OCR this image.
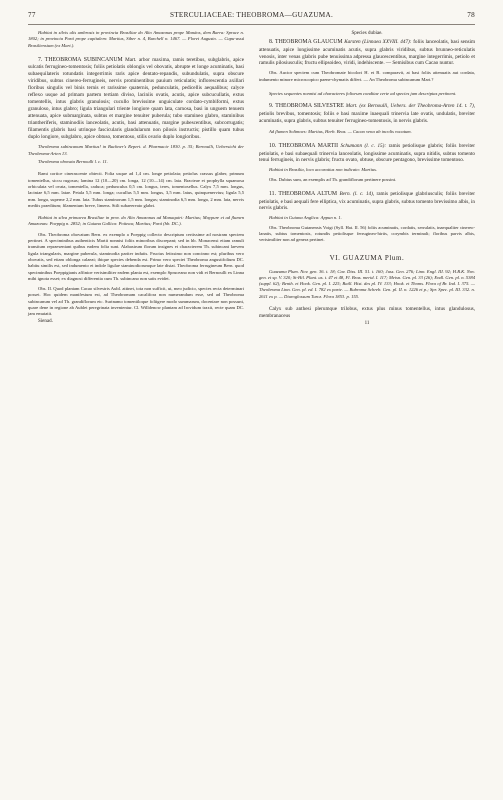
77	STERCULIACEAE: THEOBROMA—GUAZUMA.	78

Habitat in silvis ulis umbrosis in provincia Brasiliae do Alto Amazonas prope Manáos, dem Barra: Spruce n. 1802; in provincia Pará prope capitalem: Martius, Siber n. 4, Burchell n. 1467. — Floret Augusto. — Cupu-assú Brasiliensium (ex Mart.).

7. THEOBROMA SUBINCANUM Mart. arbor maxima, ramis teretibus, subglabris, apice sulcatis ferrugineo-tomentosis; foliis petiolatis oblongis vel obovatis, abrupte et longe acuminatis, basi subaequilateris rotundatis integerrimis raris apice dentato-repandis, subundulatis, supra obscure viridibus, subtus cinereo-ferrugineis, nervis prominentibus pauium reticulatis; inflorescentia axillari floribus singulis vel binis ternis et rarissime quaternis, pedunculatis, pedicellis aequalibus; calyce reflexo usque ad primam partem tertiam diviso, laciniis ovatis, acutis, apice subcucullatis, extus tomentellis, intus glabris granulosis; cucullo brevissime unguiculate cordato-cymbiformi, extus granuloso, intus glabro; ligula triangulari triente longiore quam lata, carnosa, basi in unguem tenuem attenuata, apice submarginata, subtus et margine tenuiter puberula; tubo stamineo glabro, staminibus triantheriferis, staminodiis lanceolatis, acutis, basi attenuatis, margine pubescentibus, subcorrugatis; filamentis glabris basi utrinque fascicularis glandularum non pilosis instructis; pistillo quam tubus duplo longiore, subglabro, apice obtuso, tomentoso, stilis ovario duplo longioribus.

Theobroma subincanum Martius! in Buchner's Repert. d. Pharmacie 1830. p. 35; Bernoulli, Uebersicht der Theobroma-Arten 13.

Theobroma obovata Bernoulli l. c. 11.

Rami cortice cinerascente obtecti. Folia usque ad 1,4 cm. longe petiolata; petiolus crassus glaber, primum tomentellus, siccu rugosus; lamina 12 (10—20) cm. longa, 12 (10—14) cm. lata. Bracteae et prophylla squamosa orbiculata vel ovata, tomentella, caduca; pedunculus 0,5 cm. longus, teres, tomentosellus. Calyx 7,5 mm. longus, laciniae 6,5 mm. latae. Petala 5,5 mm. longa; cucullus 5,5 mm. longus, 3,5 mm. latus, quinquenervius; ligula 5,5 mm. longa, superne 2,2 mm. lata. Tubus staminorum 1,5 mm. longus; staminodia 6,5 mm. longa, 2 mm. lata, nervis mediis praeditum; filamentum breve, limens. Stili subaeereato glabri.

Habitat in silva primaeva Brasiliae in prov. do Alto Amazonas ad Manaquiri: Martius; Maypure et ad flumen Amazonas: Poeppig n. 2852; in Guiana Gallica: Poiteau; Martius; Pará (hb. DC.).

Obs. Theobroma obovatum Bern. ex exemplo a Poeppig collecto descriptum certissime ad nostram speciem pertinet. A speciminibus authenticis Martii nonnisi foliis minoribus discrepant; sed in hb. Monacensi etiam ramuli transitum repraesentant quibus eadem folia sunt. Alabastrum florum insignes et characterem Th. subincani laevem ligula triangularis, margine puberula, staminodia pariter indutis. Fructus fetissimo non concinno est; pluribus vero obovatis, sed etiam oblonga calaeat; ibique species debenda est. Primo vero speciei Theobroma angustifolium DC. habitu similis est, sed indumento et indole ligulae staminodiorumque late distat. Theobroma ferrugineum Bern. quod speciminibus Poeppigianis affinioe verisimiliter eadem planta est, exemplo Spruceano non vidi et Bernoulli ex Linna mihi ignota esset; ex diagnosi differentia cum Th. subincano non satis evidet.

Obs. II. Quod plantam Cacao silvestris Aubl. attinet, tota non sufficit, ut, meo judicio, species recta determinari posset. Hoc quidem manifestum est, ad Theobromam cacalifora non numerandum esse, sed ad Theobroma subincanum vel ad Th. grandiflorum etc. Surinamo tomentiloque foliigere modo summarum, docentare non possunt, quare dene in regione ab Aublet peregrinata invenientur. Cl. Willdenow plantam ad Irovidum traxit, recte quam DC. jam emutatit.

Sienad.

Species dubiae.

8. THEOBROMA GLAUCUM Karsten (Linnaea XXVIII. 447): foliis lanceolatis, basi sensim attenuatis, apice longissime acuminatis acutis, supra glabris viridibus, subtus brunneo-reticulatis venosis, inter venas glabris pube tenuissima adpressa glaucescentibus, margine integerrimis, petiolo et ramulis pilosiusculis; fructu ellipsoideo, viridi, indehiscente. — Semisibus cum Cacao nuntur.

Obs. Auctor speciem cum Theobromate bicolori H. et B. comparavit, at basi foliis attenuatis aut cordata, indumento minore microscopico paene-chymatis differt. — An Theobroma subincanum Mart.?

Species sequentes nonnisi ad characteres foliorum conditae certe ad species jam descriptas pertinent.

9. THEOBROMA SILVESTRE Mart. (ex Bernoulli, Uebers. der Theobroma-Arten 14. t. 7), petiolis brevibus, tomentosis; foliis e basi maxime inaequali trinervia late ovatis, undulatis, breviter acuminatis, supra glabris, subtus tenuiter ferrugineo-tomentosis, in nervis glabris.

Ad flumen Solimoes: Martius, Herb. Bras. — Cacao vena ab incolis vocatum.

10. THEOBROMA MARTII Schumann (l. c. 15): ramis petiolisque glabris; foliis breviter petiolatis, e basi subaequali trinervia lanceolatis, longissime acuminatis, supra nitidis, subtus tomento tenui ferrugineis, in nervis glabris; fructu ovato, obtuse, obscure pentagono, brevissime tomentoso.

Habitat in Brasilia, loco accuratius non indicato: Martius.

Obs. Dubius sum, an exemplis ad Th. grandiflorum pertinere possint.

11. THEOBROMA ALTUM Bern. (l. c. 14), ramis petiolisque glabriusculis; foliis breviter petiolatis, e basi aequali fere elliptica, vix acuminatis, supra glabris, subtus tomento brevissimo albis, in nervis glabris.

Habitat in Guiana Anglica: Appun n. 1.

Obs. Theobroma Guianensis Voigt (Syll. Hat. II. 56) foliis acuminatis, cordatis, serrulatis, inaequaliter cinereo-lanatis, subtus tomentosis, rotundis petiolisque ferrugineo-hirtis, corymbis terminali; floribus parvis albis, verisimiliter non ad genera pertinet.

VI. GUAZUMA Plum.

Guazuma Plum. Nov. gen. 36. t. 18; Cav. Diss. III. 51. t. 160; Juss. Gen. 276; Linn. Engl. III. 92; H.B.K. Nov. gen. et sp. V. 320; St-Hil. Plant. us. t. 47 et 48, Fl. Bras. merid. I. 117; Meisn. Gen. pl. 33 (26); Endl. Gen. pl. n. 5384 (suppl. 62); Benth. et Hook. Gen. pl. I. 225; Baill. Hist. des pl. IV. 133; Hook. et Thoms. Flora of Br. Ind. I. 375. — Theobroma Linn. Gen. pl. ed. I. 782 ex parte. — Bubroma Schreb. Gen. pl. II. n. 1226 et p.; Spr. Spec. pl. III. 332. n. 2611 ex p. — Diuroglossum Turcz. Flora 1853. p. 155.

Calyx sub anthesi plerumque trilobus, extus plus minus tomentellus, intus glandulosus, membranaceus

11
